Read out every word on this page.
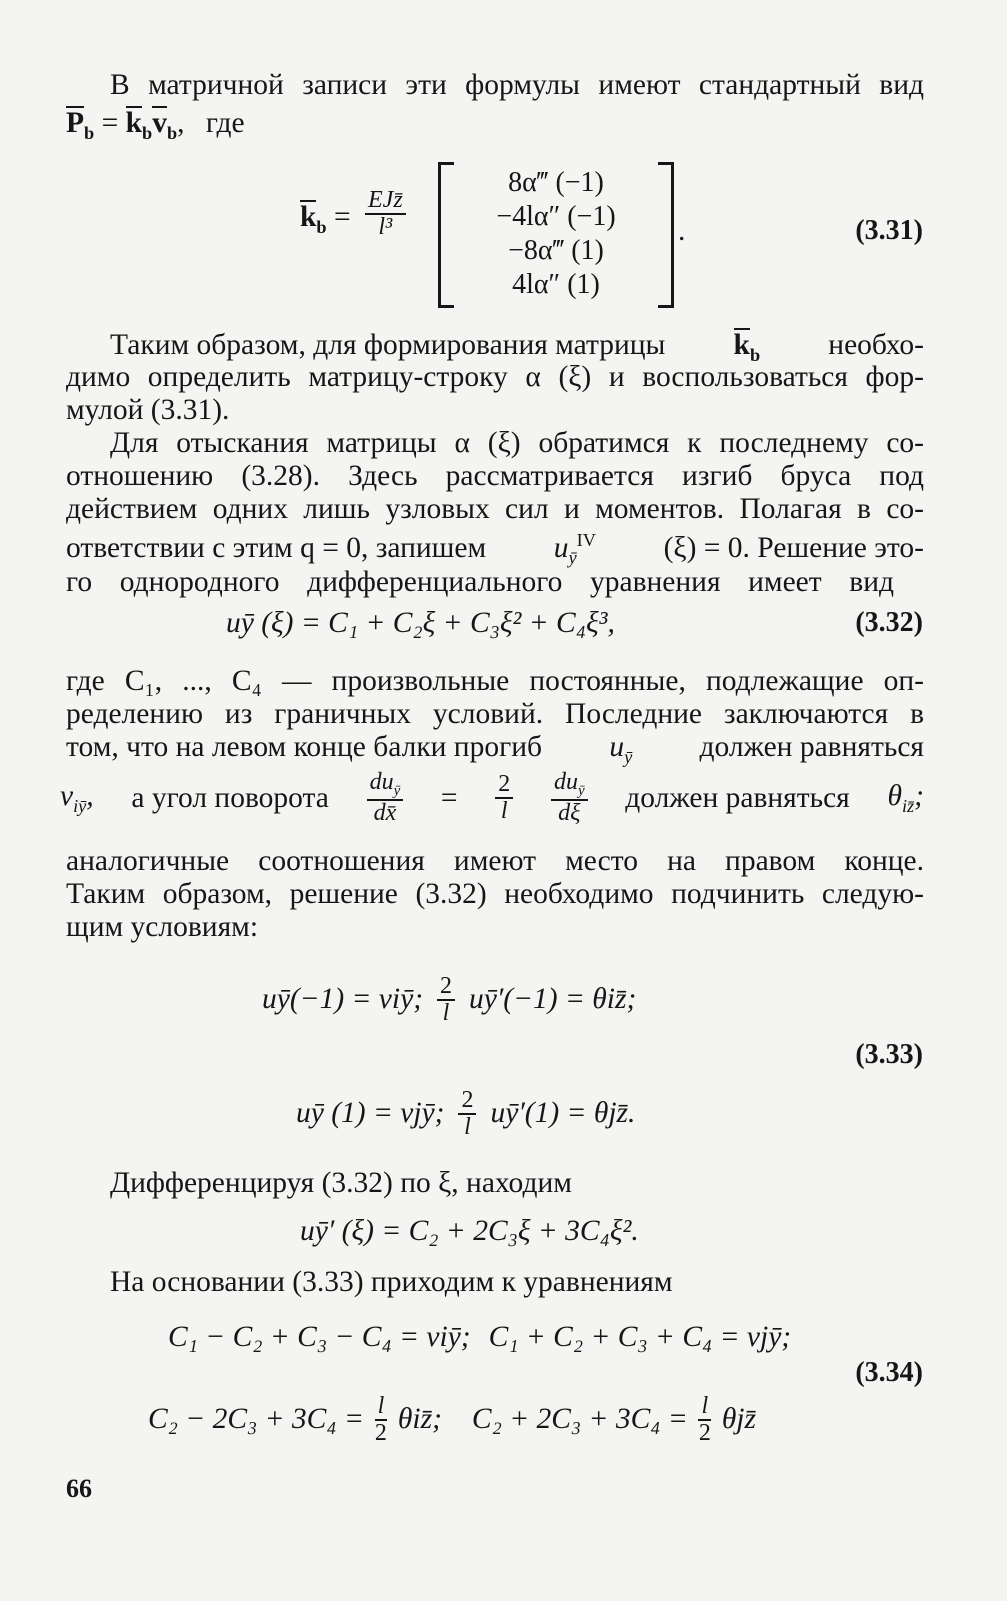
В матричной записи эти формулы имеют стандартный вид
$P_b = k_bv_b$, где
$k_b = \frac{\text{EJz̄}}{\text{l³}}$
8α‴ (−1)
−4lα″ (−1)
−8α‴ (1)
4lα″ (1)
.	(3.31)
Таким образом, для формирования матрицы $k_b$ необхо-
димо определить матрицу-строку α (ξ) и воспользоваться фор-
мулой (3.31).
Для отыскания матрицы α (ξ) обратимся к последнему со-
отношению (3.28). Здесь рассматривается изгиб бруса под
действием одних лишь узловых сил и моментов. Полагая в со-
ответствии с этим q = 0, запишем $u_ȳ^{IV}$ (ξ) = 0. Решение это-
го однородного дифференциального уравнения имеет вид
uȳ (ξ) = C₁ + C₂ξ + C₃ξ² + C₄ξ³,	(3.32)
где C₁, ..., C₄ — произвольные постоянные, подлежащие оп-
ределению из граничных условий. Последние заключаются в
том, что на левом конце балки прогиб $u_ȳ$ должен равняться
$v_{iȳ}$, а угол поворота $\frac{du_ȳ}{dx̄} = \frac{2}{l} \frac{du_ȳ}{d\xi}$ должен равняться $\theta_{iz̄}$;
аналогичные соотношения имеют место на правом конце.
Таким образом, решение (3.32) необходимо подчинить следую-
щим условиям:
uȳ(−1) = viȳ; $\frac{2}{l}$ uȳ′(−1) = θiz̄;
(3.33)
uȳ (1) = vjȳ; $\frac{2}{l}$ uȳ′(1) = θjz̄.
Дифференцируя (3.32) по ξ, находим
uȳ′ (ξ) = C₂ + 2C₃ξ + 3C₄ξ².
На основании (3.33) приходим к уравнениям
C₁ − C₂ + C₃ − C₄ = viȳ; C₁ + C₂ + C₃ + C₄ = vjȳ;
(3.34)
$C_2 - 2C_3 + 3C_4 = \frac{l}{2}$ θiz̄; $C_2 + 2C_3 + 3C_4 = \frac{l}{2}$ θjz̄
66
